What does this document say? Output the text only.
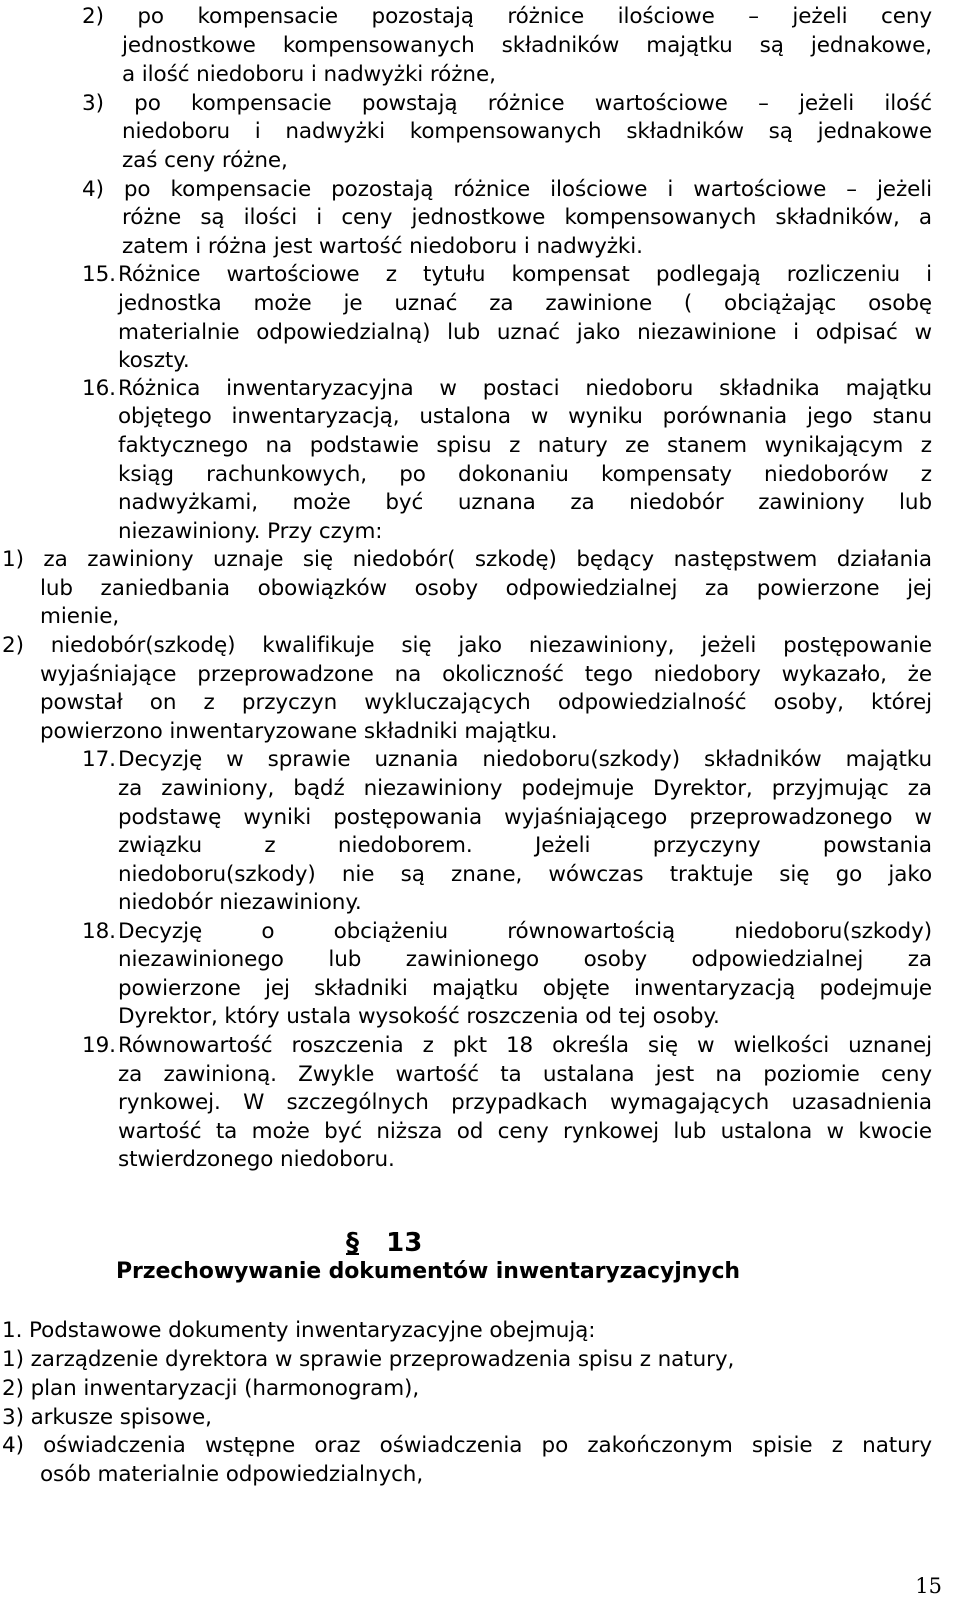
2) po kompensacie pozostają różnice ilościowe – jeżeli ceny
jednostkowe kompensowanych składników majątku są jednakowe,
a ilość niedoboru i nadwyżki różne,
3) po kompensacie powstają różnice wartościowe – jeżeli ilość
niedoboru i nadwyżki kompensowanych składników są jednakowe
zaś ceny różne,
4) po kompensacie pozostają różnice ilościowe i wartościowe – jeżeli
różne są ilości i ceny jednostkowe kompensowanych składników, a
zatem i różna jest wartość niedoboru i nadwyżki.
15. Różnice wartościowe z tytułu kompensat podlegają rozliczeniu i
jednostka może je uznać za zawinione ( obciążając osobę
materialnie odpowiedzialną) lub uznać jako niezawinione i odpisać w
koszty.
16. Różnica inwentaryzacyjna w postaci niedoboru składnika majątku
objętego inwentaryzacją, ustalona w wyniku porównania jego stanu
faktycznego na podstawie spisu z natury ze stanem wynikającym z
ksiąg rachunkowych, po dokonaniu kompensaty niedoborów z
nadwyżkami, może być uznana za niedobór zawiniony lub
niezawiniony. Przy czym:
1) za zawiniony uznaje się niedobór( szkodę) będący następstwem działania
lub zaniedbania obowiązków osoby odpowiedzialnej za powierzone jej
mienie,
2) niedobór(szkodę) kwalifikuje się jako niezawiniony, jeżeli postępowanie
wyjaśniające przeprowadzone na okoliczność tego niedobory wykazało, że
powstał on z przyczyn wykluczających odpowiedzialność osoby, której
powierzono inwentaryzowane składniki majątku.
17. Decyzję w sprawie uznania niedoboru(szkody) składników majątku
za zawiniony, bądź niezawiniony podejmuje Dyrektor, przyjmując za
podstawę wyniki postępowania wyjaśniającego przeprowadzonego w
związku z niedoborem. Jeżeli przyczyny powstania
niedoboru(szkody) nie są znane, wówczas traktuje się go jako
niedobór niezawiniony.
18. Decyzję o obciążeniu równowartością niedoboru(szkody)
niezawinionego lub zawinionego osoby odpowiedzialnej za
powierzone jej składniki majątku objęte inwentaryzacją podejmuje
Dyrektor, który ustala wysokość roszczenia od tej osoby.
19. Równowartość roszczenia z pkt 18 określa się w wielkości uznanej
za zawinioną. Zwykle wartość ta ustalana jest na poziomie ceny
rynkowej. W szczególnych przypadkach wymagających uzasadnienia
wartość ta może być niższa od ceny rynkowej lub ustalona w kwocie
stwierdzonego niedoboru.
1. Podstawowe dokumenty inwentaryzacyjne obejmują:
1) zarządzenie dyrektora w sprawie przeprowadzenia spisu z natury,
2) plan inwentaryzacji (harmonogram),
3) arkusze spisowe,
4) oświadczenia wstępne oraz oświadczenia po zakończonym spisie z natury
osób materialnie odpowiedzialnych,
§ 13
Przechowywanie dokumentów inwentaryzacyjnych
15
